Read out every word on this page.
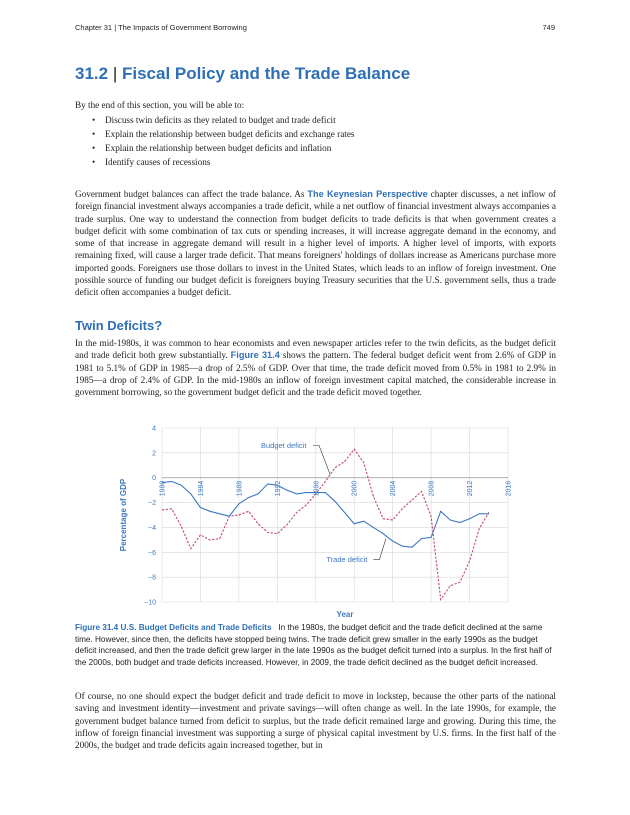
Chapter 31 | The Impacts of Government Borrowing	749
31.2 | Fiscal Policy and the Trade Balance
By the end of this section, you will be able to:
• Discuss twin deficits as they related to budget and trade deficit
• Explain the relationship between budget deficits and exchange rates
• Explain the relationship between budget deficits and inflation
• Identify causes of recessions

Government budget balances can affect the trade balance. As The Keynesian Perspective chapter discusses, a net inflow of foreign financial investment always accompanies a trade deficit, while a net outflow of financial investment always accompanies a trade surplus. One way to understand the connection from budget deficits to trade deficits is that when government creates a budget deficit with some combination of tax cuts or spending increases, it will increase aggregate demand in the economy, and some of that increase in aggregate demand will result in a higher level of imports. A higher level of imports, with exports remaining fixed, will cause a larger trade deficit. That means foreigners' holdings of dollars increase as Americans purchase more imported goods. Foreigners use those dollars to invest in the United States, which leads to an inflow of foreign investment. One possible source of funding our budget deficit is foreigners buying Treasury securities that the U.S. government sells, thus a trade deficit often accompanies a budget deficit.

Twin Deficits?

In the mid-1980s, it was common to hear economists and even newspaper articles refer to the twin deficits, as the budget deficit and trade deficit both grew substantially. Figure 31.4 shows the pattern. The federal budget deficit went from 2.6% of GDP in 1981 to 5.1% of GDP in 1985—a drop of 2.5% of GDP. Over that time, the trade deficit moved from 0.5% in 1981 to 2.9% in 1985—a drop of 2.4% of GDP. In the mid-1980s an inflow of foreign investment capital matched, the considerable increase in government borrowing, so the government budget deficit and the trade deficit moved together.

4
2
0
−2
−4
−6
−8
−10
1980	1984	1988	1992	1996	2000	2004	2008	2012	2016
Year
Percentage of GDP
Budget deficit
Trade deficit

Figure 31.4 U.S. Budget Deficits and Trade Deficits In the 1980s, the budget deficit and the trade deficit declined at the same time. However, since then, the deficits have stopped being twins. The trade deficit grew smaller in the early 1990s as the budget deficit increased, and then the trade deficit grew larger in the late 1990s as the budget deficit turned into a surplus. In the first half of the 2000s, both budget and trade deficits increased. However, in 2009, the trade deficit declined as the budget deficit increased.

Of course, no one should expect the budget deficit and trade deficit to move in lockstep, because the other parts of the national saving and investment identity—investment and private savings—will often change as well. In the late 1990s, for example, the government budget balance turned from deficit to surplus, but the trade deficit remained large and growing. During this time, the inflow of foreign financial investment was supporting a surge of physical capital investment by U.S. firms. In the first half of the 2000s, the budget and trade deficits again increased together, but in
